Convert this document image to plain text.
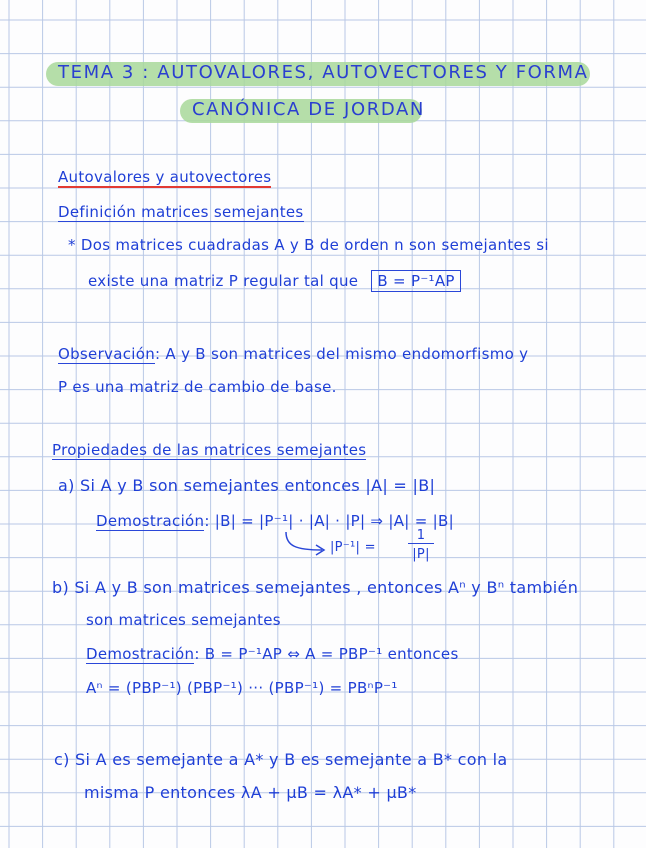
TEMA 3 : AUTOVALORES, AUTOVECTORES Y FORMA
CANÓNICA DE JORDAN
Autovalores y autovectores
Definición matrices semejantes
* Dos matrices cuadradas A y B de orden n son semejantes si
existe una matriz P regular tal que B = P⁻¹AP
Observación: A y B son matrices del mismo endomorfismo y
P es una matriz de cambio de base.
Propiedades de las matrices semejantes
a) Si A y B son semejantes entonces |A| = |B|
Demostración: |B| = |P⁻¹| · |A| · |P| ⇒ |A| = |B|
|P⁻¹| =
1
|P|
b) Si A y B son matrices semejantes , entonces Aⁿ y Bⁿ también
son matrices semejantes
Demostración: B = P⁻¹AP ⇔ A = PBP⁻¹ entonces
Aⁿ = (PBP⁻¹) (PBP⁻¹) ··· (PBP⁻¹) = PBⁿP⁻¹
c) Si A es semejante a A* y B es semejante a B* con la
misma P entonces λA + μB = λA* + μB*
